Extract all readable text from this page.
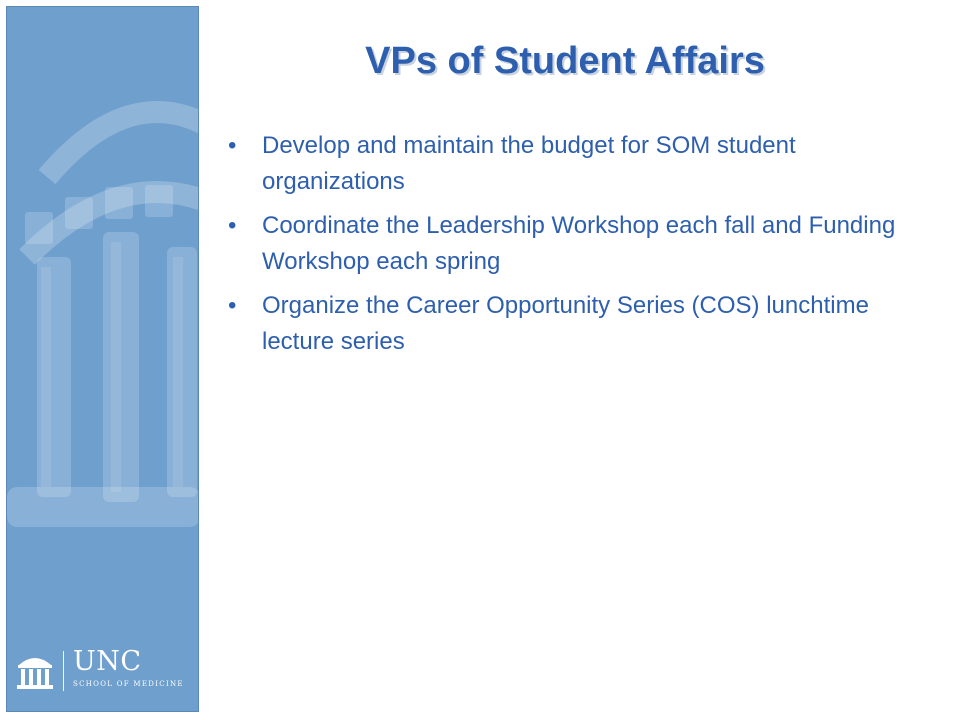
UNC
SCHOOL OF MEDICINE
VPs of Student Affairs
•	Develop and maintain the budget for SOM student organizations
•	Coordinate the Leadership Workshop each fall and Funding Workshop each spring
•	Organize the Career Opportunity Series (COS) lunchtime lecture series
